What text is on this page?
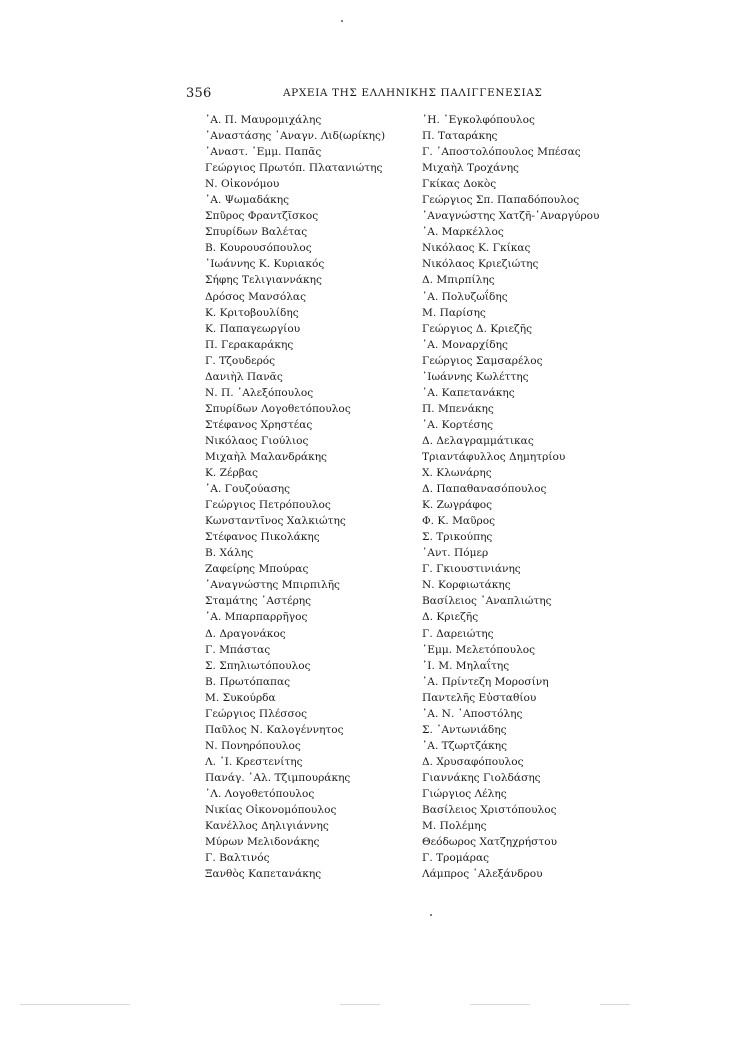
356	ΑΡΧΕΙΑ ΤΗΣ ΕΛΛΗΝΙΚΗΣ ΠΑΛΙΓΓΕΝΕΣΙΑΣ
᾽Α. Π. Μαυρομιχάλης
᾽Αναστάσης ᾽Αναγν. Λιδ(ωρίκης)
᾽Αναστ. ᾽Εμμ. Παπᾶς
Γεώργιος Πρωτόπ. Πλατανιώτης
Ν. Οἰκονόμου
᾽Α. Ψωμαδάκης
Σπῦρος Φραντζῖσκος
Σπυρίδων Βαλέτας
Β. Κουρουσόπουλος
᾽Ιωάννης Κ. Κυριακός
Σήφης Τελιγιαννάκης
Δρόσος Μανσόλας
Κ. Κριτοβουλίδης
Κ. Παπαγεωργίου
Π. Γερακαράκης
Γ. Τζουδερός
Δανιὴλ Πανᾶς
Ν. Π. ᾽Αλεξόπουλος
Σπυρίδων Λογοθετόπουλος
Στέφανος Χρηστέας
Νικόλαος Γιούλιος
Μιχαὴλ Μαλανδράκης
Κ. Ζέρβας
᾽Α. Γουζούασης
Γεώργιος Πετρόπουλος
Κωνσταντῖνος Χαλκιώτης
Στέφανος Πικολάκης
Β. Χάλης
Ζαφείρης Μπούρας
᾽Αναγνώστης Μπιρπιλῆς
Σταμάτης ᾽Αστέρης
᾽Α. Μπαρπαρρῆγος
Δ. Δραγονάκος
Γ. Μπάστας
Σ. Σπηλιωτόπουλος
Β. Πρωτόπαπας
Μ. Συκούρδα
Γεώργιος Πλέσσος
Παῦλος Ν. Καλογέννητος
Ν. Πονηρόπουλος
Λ. ᾽Ι. Κρεστενίτης
Πανάγ. ᾽Αλ. Τζιμπουράκης
᾽Λ. Λογοθετόπουλος
Νικίας Οἰκονομόπουλος
Κανέλλος Δηλιγιάννης
Μύρων Μελιδονάκης
Γ. Βαλτινός
Ξανθὸς Καπετανάκης
᾽Η. ᾽Εγκολφόπουλος
Π. Ταταράκης
Γ. ᾽Αποστολόπουλος Μπέσας
Μιχαὴλ Τροχάνης
Γκίκας Δοκὸς
Γεώργιος Σπ. Παπαδόπουλος
᾽Αναγνώστης Χατζῆ-᾽Αναργύρου
᾽Α. Μαρκέλλος
Νικόλαος Κ. Γκίκας
Νικόλαος Κριεζιώτης
Δ. Μπιρπίλης
᾽Α. Πολυζωΐδης
Μ. Παρίσης
Γεώργιος Δ. Κριεζῆς
᾽Α. Μοναρχίδης
Γεώργιος Σαμσαρέλος
᾽Ιωάννης Κωλέττης
᾽Α. Καπετανάκης
Π. Μπενάκης
᾽Α. Κορτέσης
Δ. Δελαγραμμάτικας
Τριαντάφυλλος Δημητρίου
Χ. Κλωνάρης
Δ. Παπαθανασόπουλος
Κ. Ζωγράφος
Φ. Κ. Μαῦρος
Σ. Τρικούπης
᾽Αντ. Πόμερ
Γ. Γκιουστινιάνης
Ν. Κορφιωτάκης
Βασίλειος ᾽Αναπλιώτης
Δ. Κριεζῆς
Γ. Δαρειώτης
᾽Εμμ. Μελετόπουλος
᾽Ι. Μ. Μηλαΐτης
᾽Α. Πρίντεζη Μοροσίνη
Παντελῆς Εὐσταθίου
᾽Α. Ν. ᾽Αποστόλης
Σ. ᾽Αντωνιάδης
᾽Α. Τζωρτζάκης
Δ. Χρυσαφόπουλος
Γιαννάκης Γιολδάσης
Γιώργιος Λέλης
Βασίλειος Χριστόπουλος
Μ. Πολέμης
Θεόδωρος Χατζηχρήστου
Γ. Τρομάρας
Λάμπρος ᾽Αλεξάνδρου
